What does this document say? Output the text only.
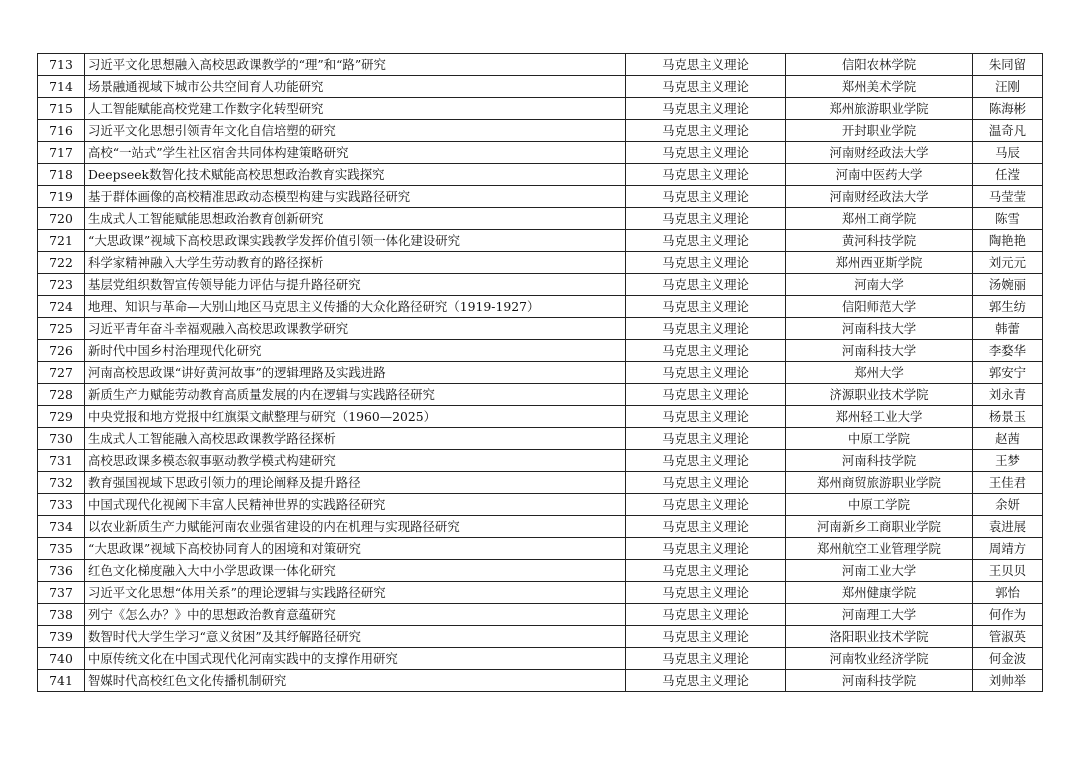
713	习近平文化思想融入高校思政课教学的“理”和“路”研究	马克思主义理论	信阳农林学院	朱同留
714	场景融通视域下城市公共空间育人功能研究	马克思主义理论	郑州美术学院	汪刚
715	人工智能赋能高校党建工作数字化转型研究	马克思主义理论	郑州旅游职业学院	陈海彬
716	习近平文化思想引领青年文化自信培塑的研究	马克思主义理论	开封职业学院	温奇凡
717	高校“一站式”学生社区宿舍共同体构建策略研究	马克思主义理论	河南财经政法大学	马辰
718	Deepseek数智化技术赋能高校思想政治教育实践探究	马克思主义理论	河南中医药大学	任滢
719	基于群体画像的高校精准思政动态模型构建与实践路径研究	马克思主义理论	河南财经政法大学	马莹莹
720	生成式人工智能赋能思想政治教育创新研究	马克思主义理论	郑州工商学院	陈雪
721	“大思政课”视域下高校思政课实践教学发挥价值引领一体化建设研究	马克思主义理论	黄河科技学院	陶艳艳
722	科学家精神融入大学生劳动教育的路径探析	马克思主义理论	郑州西亚斯学院	刘元元
723	基层党组织数智宣传领导能力评估与提升路径研究	马克思主义理论	河南大学	汤婉丽
724	地理、知识与革命—大别山地区马克思主义传播的大众化路径研究（1919-1927）	马克思主义理论	信阳师范大学	郭生纺
725	习近平青年奋斗幸福观融入高校思政课教学研究	马克思主义理论	河南科技大学	韩蕾
726	新时代中国乡村治理现代化研究	马克思主义理论	河南科技大学	李婺华
727	河南高校思政课“讲好黄河故事”的逻辑理路及实践进路	马克思主义理论	郑州大学	郭安宁
728	新质生产力赋能劳动教育高质量发展的内在逻辑与实践路径研究	马克思主义理论	济源职业技术学院	刘永青
729	中央党报和地方党报中红旗渠文献整理与研究（1960—2025）	马克思主义理论	郑州轻工业大学	杨景玉
730	生成式人工智能融入高校思政课教学路径探析	马克思主义理论	中原工学院	赵茜
731	高校思政课多模态叙事驱动教学模式构建研究	马克思主义理论	河南科技学院	王梦
732	教育强国视域下思政引领力的理论阐释及提升路径	马克思主义理论	郑州商贸旅游职业学院	王佳君
733	中国式现代化视阈下丰富人民精神世界的实践路径研究	马克思主义理论	中原工学院	余妍
734	以农业新质生产力赋能河南农业强省建设的内在机理与实现路径研究	马克思主义理论	河南新乡工商职业学院	袁进展
735	“大思政课”视域下高校协同育人的困境和对策研究	马克思主义理论	郑州航空工业管理学院	周靖方
736	红色文化梯度融入大中小学思政课一体化研究	马克思主义理论	河南工业大学	王贝贝
737	习近平文化思想“体用关系”的理论逻辑与实践路径研究	马克思主义理论	郑州健康学院	郭怡
738	列宁《怎么办？》中的思想政治教育意蕴研究	马克思主义理论	河南理工大学	何作为
739	数智时代大学生学习“意义贫困”及其纾解路径研究	马克思主义理论	洛阳职业技术学院	管淑英
740	中原传统文化在中国式现代化河南实践中的支撑作用研究	马克思主义理论	河南牧业经济学院	何金波
741	智媒时代高校红色文化传播机制研究	马克思主义理论	河南科技学院	刘帅举
